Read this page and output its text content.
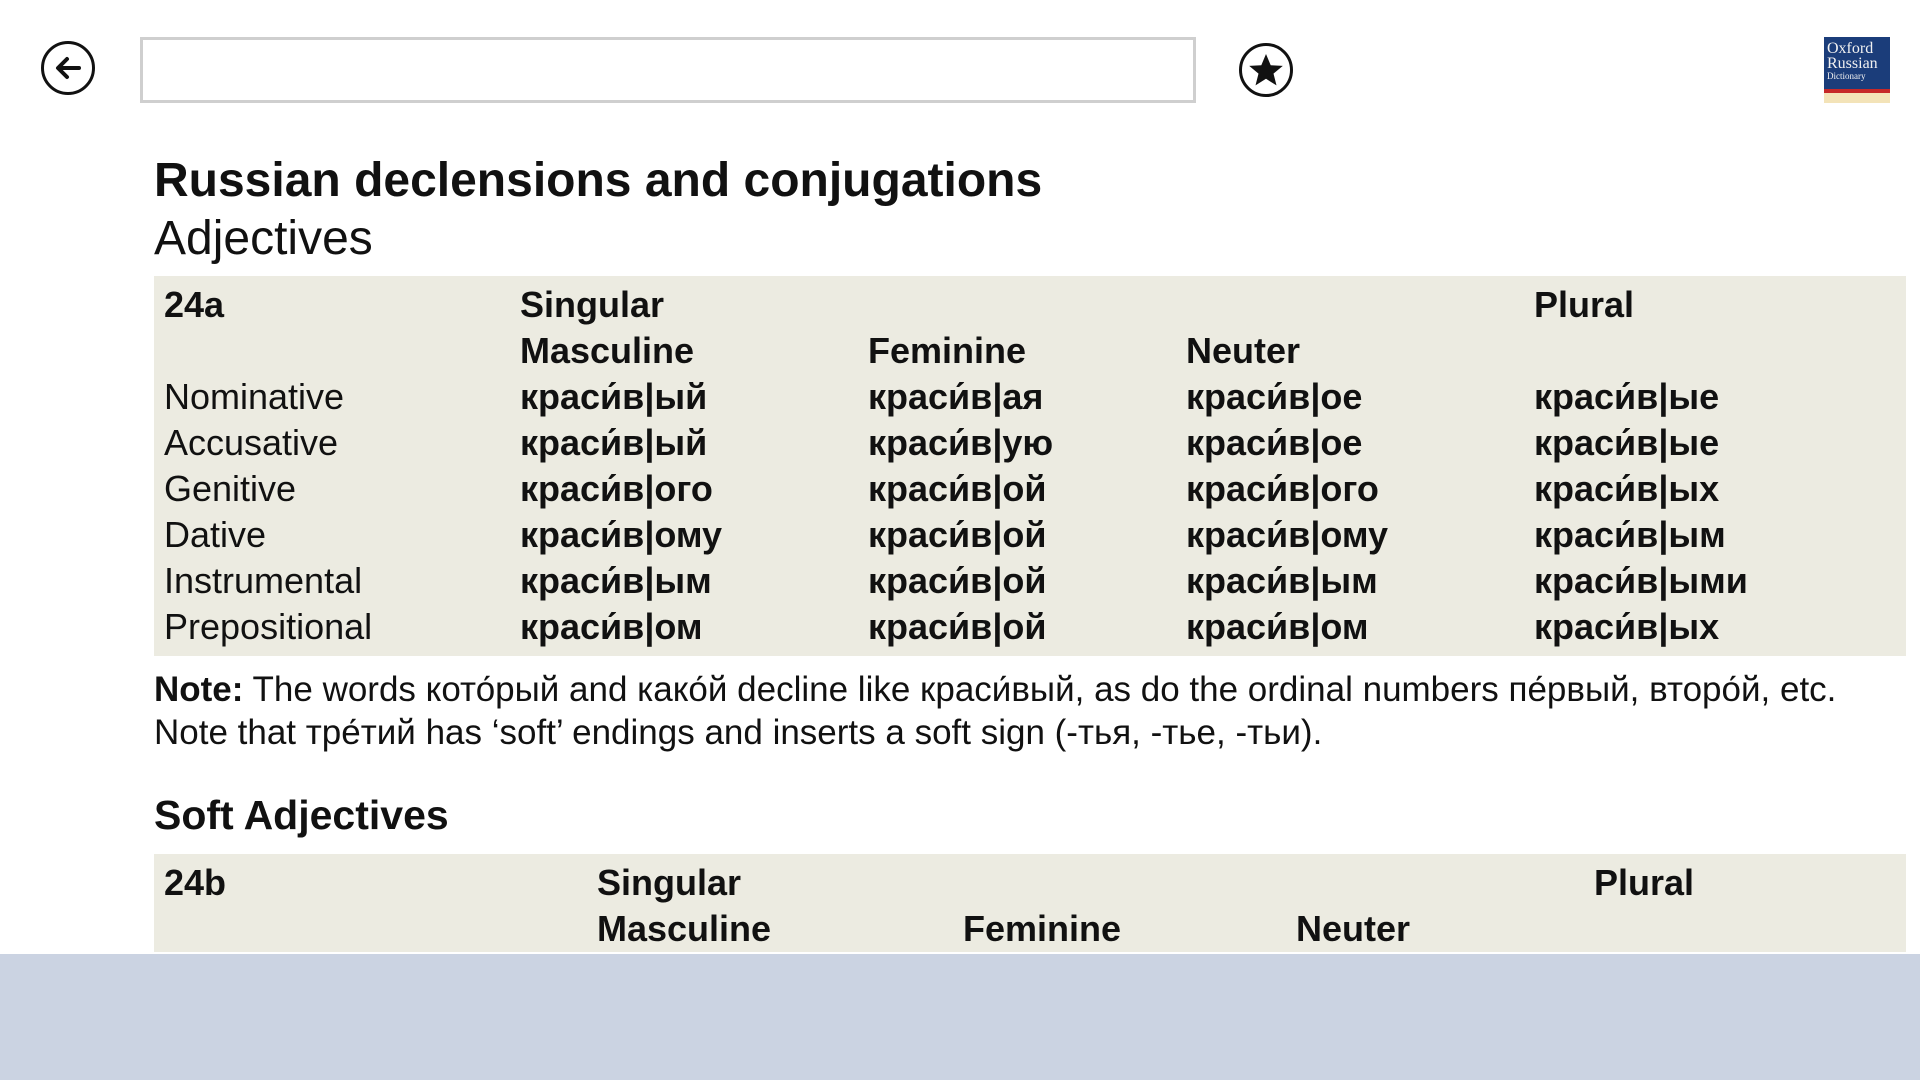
Oxford
Russian
Dictionary
Russian declensions and conjugations
Adjectives
24a	Singular			Plural
	Masculine	Feminine	Neuter	
Nominative	краси́в|ый	краси́в|ая	краси́в|ое	краси́в|ые
Accusative	краси́в|ый	краси́в|ую	краси́в|ое	краси́в|ые
Genitive	краси́в|ого	краси́в|ой	краси́в|ого	краси́в|ых
Dative	краси́в|ому	краси́в|ой	краси́в|ому	краси́в|ым
Instrumental	краси́в|ым	краси́в|ой	краси́в|ым	краси́в|ыми
Prepositional	краси́в|ом	краси́в|ой	краси́в|ом	краси́в|ых
Note: The words кото́рый and како́й decline like краси́вый, as do the ordinal numbers пе́рвый, второ́й, etc. Note that тре́тий has ‘soft’ endings and inserts a soft sign (-тья, -тье, -тьи).
Soft Adjectives
24b	Singular			Plural
	Masculine	Feminine	Neuter	
